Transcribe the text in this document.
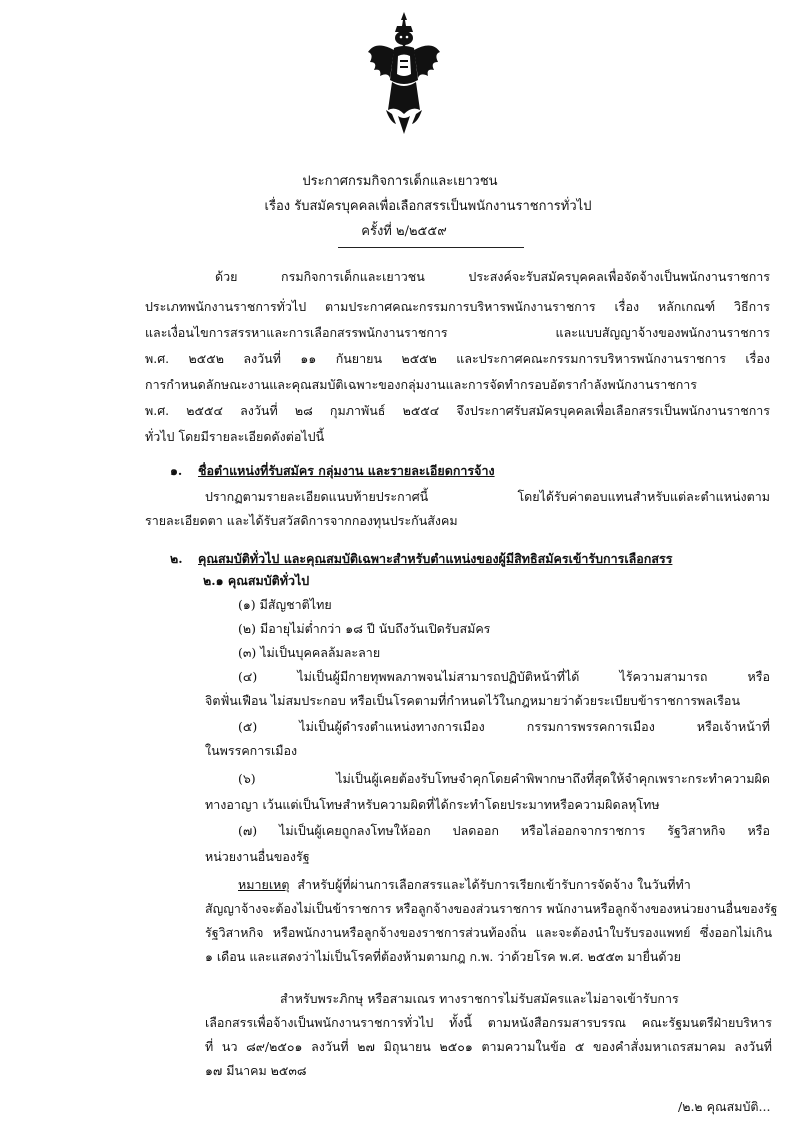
ประกาศกรมกิจการเด็กและเยาวชน
เรื่อง รับสมัครบุคคลเพื่อเลือกสรรเป็นพนักงานราชการทั่วไป
ครั้งที่ ๒/๒๕๕๙
ด้วย กรมกิจการเด็กและเยาวชน ประสงค์จะรับสมัครบุคคลเพื่อจัดจ้างเป็นพนักงานราชการ
ประเภทพนักงานราชการทั่วไป ตามประกาศคณะกรรมการบริหารพนักงานราชการ เรื่อง หลักเกณฑ์ วิธีการ
และเงื่อนไขการสรรหาและการเลือกสรรพนักงานราชการ และแบบสัญญาจ้างของพนักงานราชการ
พ.ศ. ๒๕๕๒ ลงวันที่ ๑๑ กันยายน ๒๕๕๒ และประกาศคณะกรรมการบริหารพนักงานราชการ เรื่อง
การกำหนดลักษณะงานและคุณสมบัติเฉพาะของกลุ่มงานและการจัดทำกรอบอัตรากำลังพนักงานราชการ
พ.ศ. ๒๕๕๔ ลงวันที่ ๒๘ กุมภาพันธ์ ๒๕๕๔ จึงประกาศรับสมัครบุคคลเพื่อเลือกสรรเป็นพนักงานราชการ
ทั่วไป โดยมีรายละเอียดดังต่อไปนี้
๑. ชื่อตำแหน่งที่รับสมัคร กลุ่มงาน และรายละเอียดการจ้าง
ปรากฏตามรายละเอียดแนบท้ายประกาศนี้ โดยได้รับค่าตอบแทนสำหรับแต่ละตำแหน่งตาม
รายละเอียดตา และได้รับสวัสดิการจากกองทุนประกันสังคม
๒. คุณสมบัติทั่วไป และคุณสมบัติเฉพาะสำหรับตำแหน่งของผู้มีสิทธิสมัครเข้ารับการเลือกสรร
๒.๑ คุณสมบัติทั่วไป
(๑) มีสัญชาติไทย
(๒) มีอายุไม่ต่ำกว่า ๑๘ ปี นับถึงวันเปิดรับสมัคร
(๓) ไม่เป็นบุคคลล้มละลาย
(๔) ไม่เป็นผู้มีกายทุพพลภาพจนไม่สามารถปฏิบัติหน้าที่ได้ ไร้ความสามารถ หรือ
จิตฟั่นเฟือน ไม่สมประกอบ หรือเป็นโรคตามที่กำหนดไว้ในกฎหมายว่าด้วยระเบียบข้าราชการพลเรือน
(๕) ไม่เป็นผู้ดำรงตำแหน่งทางการเมือง กรรมการพรรคการเมือง หรือเจ้าหน้าที่
ในพรรคการเมือง
(๖) ไม่เป็นผู้เคยต้องรับโทษจำคุกโดยคำพิพากษาถึงที่สุดให้จำคุกเพราะกระทำความผิด
ทางอาญา เว้นแต่เป็นโทษสำหรับความผิดที่ได้กระทำโดยประมาทหรือความผิดลหุโทษ
(๗) ไม่เป็นผู้เคยถูกลงโทษให้ออก ปลดออก หรือไล่ออกจากราชการ รัฐวิสาหกิจ หรือ
หน่วยงานอื่นของรัฐ
หมายเหตุ สำหรับผู้ที่ผ่านการเลือกสรรและได้รับการเรียกเข้ารับการจัดจ้าง ในวันที่ทำ
สัญญาจ้างจะต้องไม่เป็นข้าราชการ หรือลูกจ้างของส่วนราชการ พนักงานหรือลูกจ้างของหน่วยงานอื่นของรัฐ
รัฐวิสาหกิจ หรือพนักงานหรือลูกจ้างของราชการส่วนท้องถิ่น และจะต้องนำใบรับรองแพทย์ ซึ่งออกไม่เกิน
๑ เดือน และแสดงว่าไม่เป็นโรคที่ต้องห้ามตามกฎ ก.พ. ว่าด้วยโรค พ.ศ. ๒๕๕๓ มายื่นด้วย
สำหรับพระภิกษุ หรือสามเณร ทางราชการไม่รับสมัครและไม่อาจเข้ารับการ
เลือกสรรเพื่อจ้างเป็นพนักงานราชการทั่วไป ทั้งนี้ ตามหนังสือกรมสารบรรณ คณะรัฐมนตรีฝ่ายบริหาร
ที่ นว ๘๙/๒๕๐๑ ลงวันที่ ๒๗ มิถุนายน ๒๕๐๑ ตามความในข้อ ๕ ของคำสั่งมหาเถรสมาคม ลงวันที่
๑๗ มีนาคม ๒๕๓๘
/๒.๒ คุณสมบัติ...
